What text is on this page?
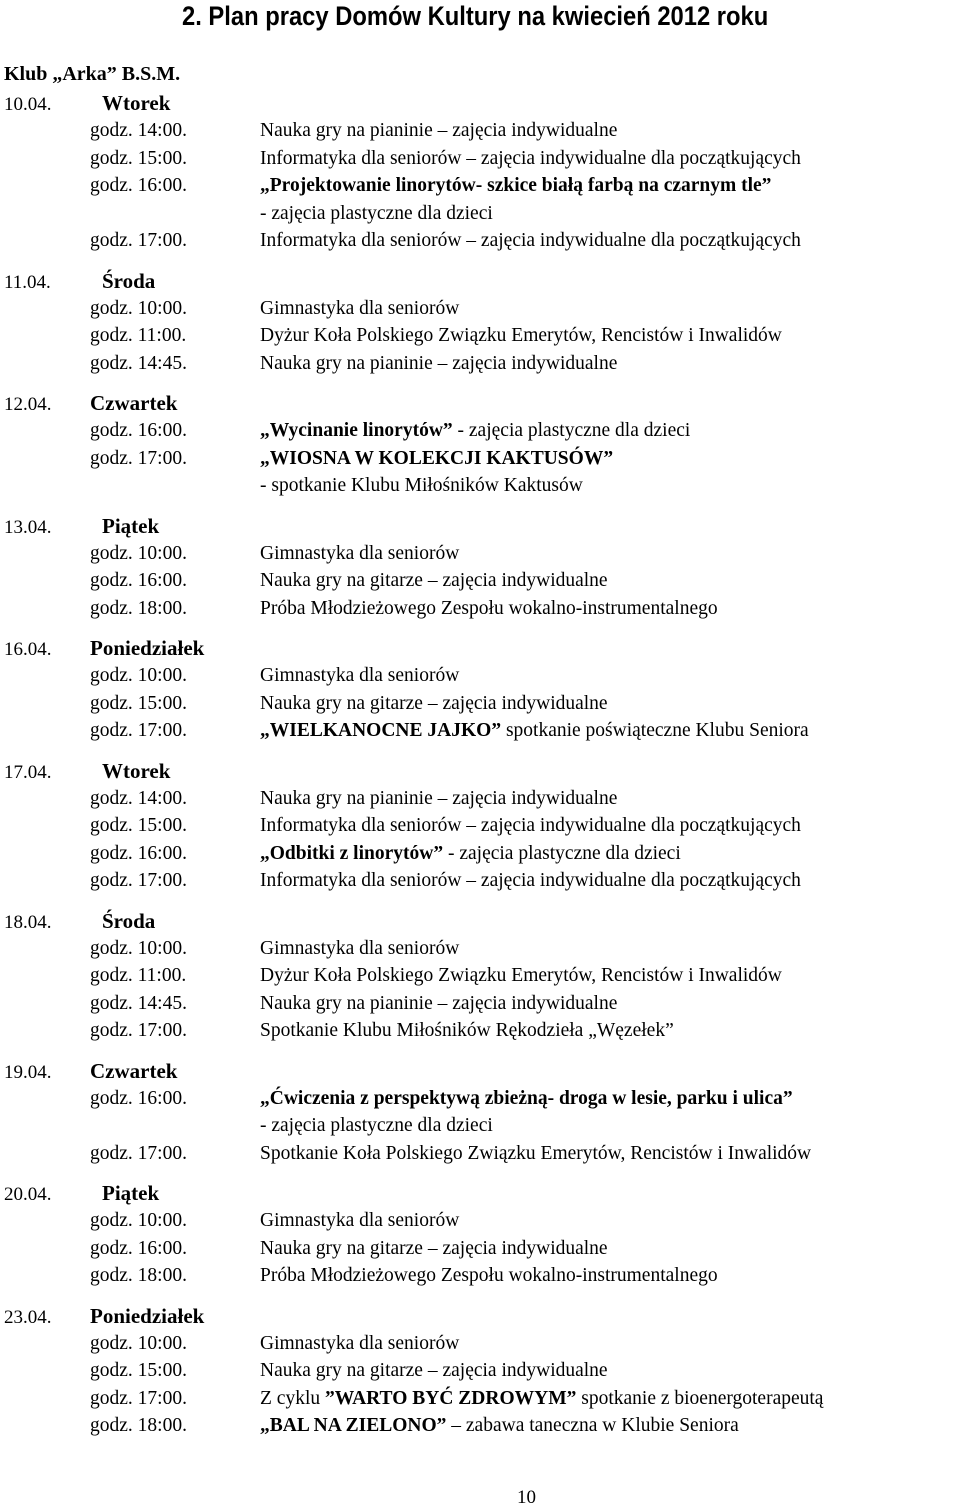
2. Plan pracy Domów Kultury na kwiecień 2012 roku
Klub „Arka” B.S.M.
10.04. Wtorek
godz. 14:00.	Nauka gry na pianinie – zajęcia indywidualne
godz. 15:00.	Informatyka dla seniorów – zajęcia indywidualne dla początkujących
godz. 16:00.	„Projektowanie linorytów- szkice białą farbą na czarnym tle”
- zajęcia plastyczne dla dzieci
godz. 17:00.	Informatyka dla seniorów – zajęcia indywidualne dla początkujących
11.04. Środa
godz. 10:00.	Gimnastyka dla seniorów
godz. 11:00.	Dyżur Koła Polskiego Związku Emerytów, Rencistów i Inwalidów
godz. 14:45.	Nauka gry na pianinie – zajęcia indywidualne
12.04. Czwartek
godz. 16:00.	„Wycinanie linorytów” - zajęcia plastyczne dla dzieci
godz. 17:00.	„WIOSNA W KOLEKCJI KAKTUSÓW”
- spotkanie Klubu Miłośników Kaktusów
13.04. Piątek
godz. 10:00.	Gimnastyka dla seniorów
godz. 16:00.	Nauka gry na gitarze – zajęcia indywidualne
godz. 18:00.	Próba Młodzieżowego Zespołu wokalno-instrumentalnego
16.04. Poniedziałek
godz. 10:00.	Gimnastyka dla seniorów
godz. 15:00.	Nauka gry na gitarze – zajęcia indywidualne
godz. 17:00.	„WIELKANOCNE JAJKO” spotkanie poświąteczne Klubu Seniora
17.04. Wtorek
godz. 14:00.	Nauka gry na pianinie – zajęcia indywidualne
godz. 15:00.	Informatyka dla seniorów – zajęcia indywidualne dla początkujących
godz. 16:00.	„Odbitki z linorytów” - zajęcia plastyczne dla dzieci
godz. 17:00.	Informatyka dla seniorów – zajęcia indywidualne dla początkujących
18.04. Środa
godz. 10:00.	Gimnastyka dla seniorów
godz. 11:00.	Dyżur Koła Polskiego Związku Emerytów, Rencistów i Inwalidów
godz. 14:45.	Nauka gry na pianinie – zajęcia indywidualne
godz. 17:00.	Spotkanie Klubu Miłośników Rękodzieła „Węzełek”
19.04. Czwartek
godz. 16:00.	„Ćwiczenia z perspektywą zbieżną- droga w lesie, parku i ulica”
- zajęcia plastyczne dla dzieci
godz. 17:00.	Spotkanie Koła Polskiego Związku Emerytów, Rencistów i Inwalidów
20.04. Piątek
godz. 10:00.	Gimnastyka dla seniorów
godz. 16:00.	Nauka gry na gitarze – zajęcia indywidualne
godz. 18:00.	Próba Młodzieżowego Zespołu wokalno-instrumentalnego
23.04. Poniedziałek
godz. 10:00.	Gimnastyka dla seniorów
godz. 15:00.	Nauka gry na gitarze – zajęcia indywidualne
godz. 17:00.	Z cyklu ”WARTO BYĆ ZDROWYM” spotkanie z bioenergoterapeutą
godz. 18:00.	„BAL NA ZIELONO” – zabawa taneczna w Klubie Seniora
10
